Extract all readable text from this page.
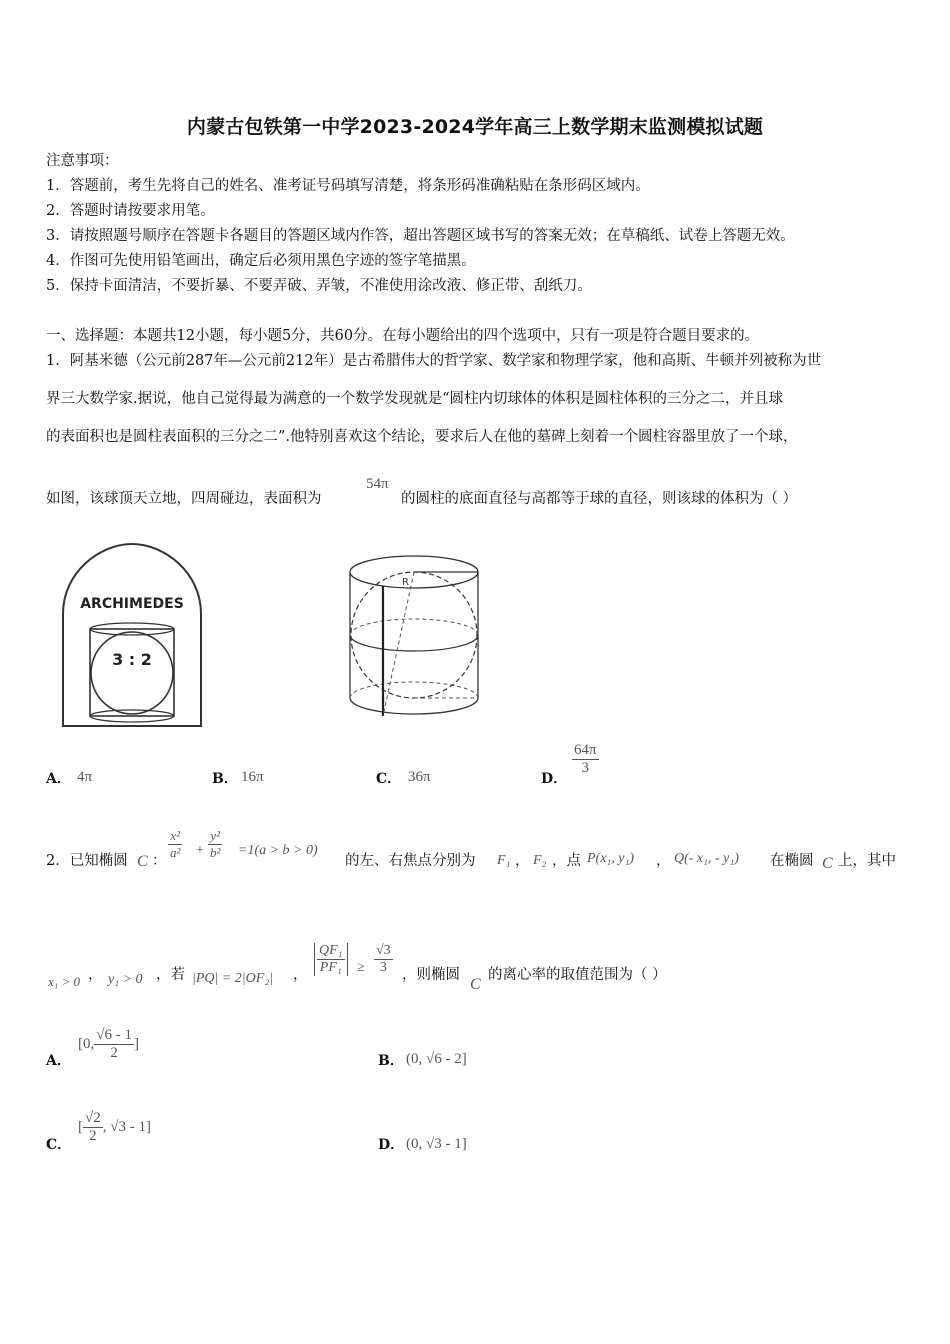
内蒙古包铁第一中学2023-2024学年高三上数学期末监测模拟试题
注意事项：
1．答题前，考生先将自己的姓名、准考证号码填写清楚，将条形码准确粘贴在条形码区域内。
2．答题时请按要求用笔。
3．请按照题号顺序在答题卡各题目的答题区域内作答，超出答题区域书写的答案无效；在草稿纸、试卷上答题无效。
4．作图可先使用铅笔画出，确定后必须用黑色字迹的签字笔描黑。
5．保持卡面清洁，不要折暴、不要弄破、弄皱，不准使用涂改液、修正带、刮纸刀。
一、选择题：本题共12小题，每小题5分，共60分。在每小题给出的四个选项中，只有一项是符合题目要求的。
1．阿基米德（公元前287年—公元前212年）是古希腊伟大的哲学家、数学家和物理学家，他和高斯、牛顿并列被称为世
界三大数学家.据说，他自己觉得最为满意的一个数学发现就是“圆柱内切球体的体积是圆柱体积的三分之二，并且球
的表面积也是圆柱表面积的三分之二”.他特别喜欢这个结论，要求后人在他的墓碑上刻着一个圆柱容器里放了一个球，
如图，该球顶天立地，四周碰边，表面积为
54π
的圆柱的底面直径与高都等于球的直径，则该球的体积为（ ）
ARCHIMEDES
3 : 2
R
A． 4π	B． 16π	C． 36π	D．
$\frac{64\pi}{3}$
2．已知椭圆 C ： $\frac{\text{x²}}{\text{a²}} + \frac{\text{y²}}{\text{b²}} =1(a > b > 0)$
的左、右焦点分别为 F₁ ， F₂ ，点 P(x₁, y₁) ， Q(- x₁, - y₁) 在椭圆 C 上，其中
x₁ > 0 ， y₁ > 0 ，若 |PQ| = 2|OF₂| ， $\frac{\text{QF₁}}{\text{PF₁}} \ge \frac{√3}{3}$ ，则椭圆
C
的离心率的取值范围为（ ）
A．
[0, $\frac{√6 - 1}{2}$ ]
B． (0, √6 - 2]
C．
[ $\frac{√2}{2}$ , √3 - 1]
D． (0, √3 - 1]
